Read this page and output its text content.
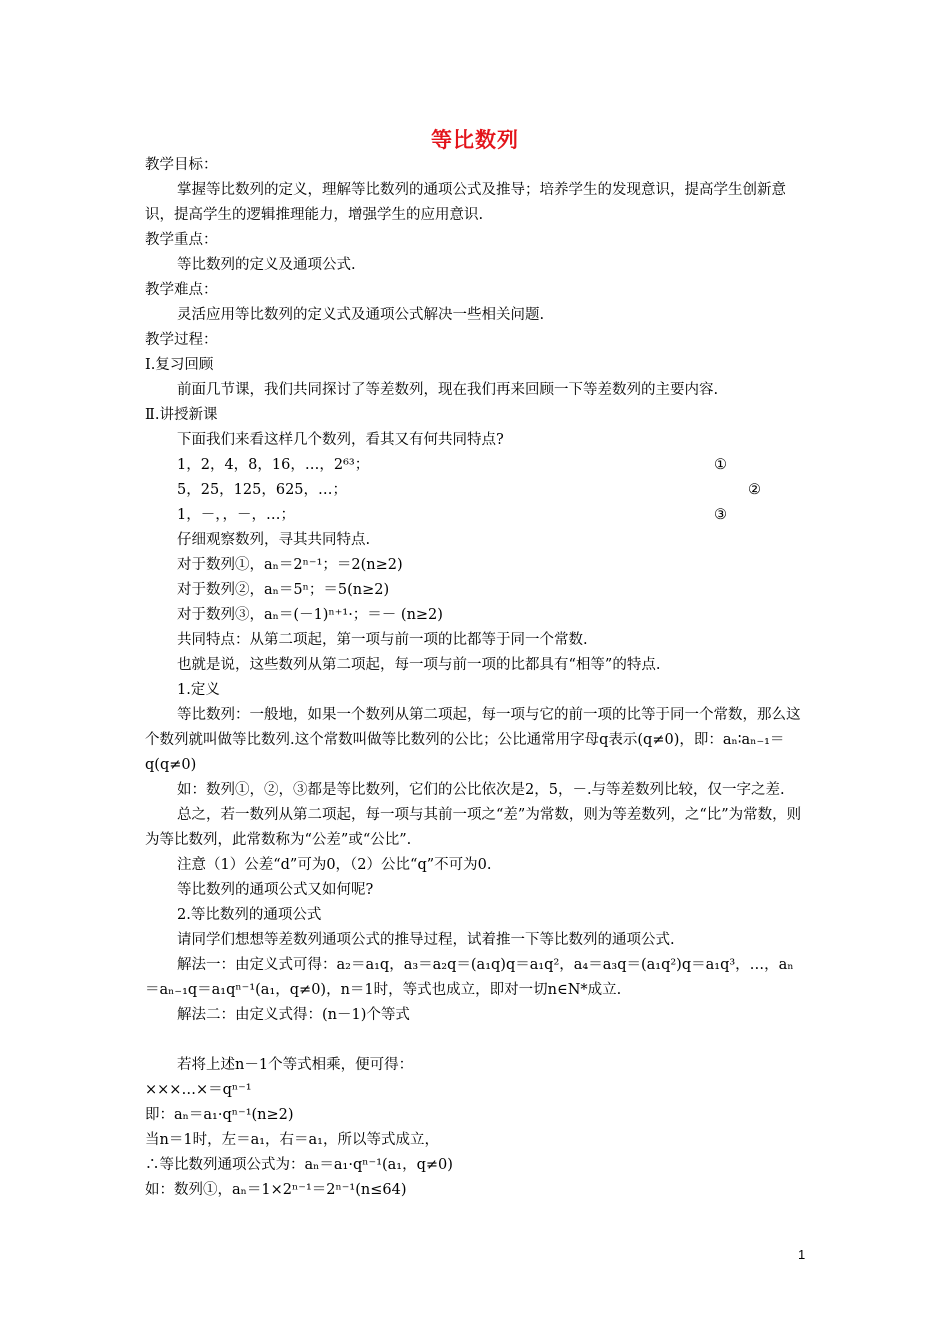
等比数列

教学目标：

掌握等比数列的定义，理解等比数列的通项公式及推导；培养学生的发现意识，提高学生创新意识，提高学生的逻辑推理能力，增强学生的应用意识.

教学重点：

等比数列的定义及通项公式.

教学难点：

灵活应用等比数列的定义式及通项公式解决一些相关问题.

教学过程：

Ⅰ.复习回顾

前面几节课，我们共同探讨了等差数列，现在我们再来回顾一下等差数列的主要内容.

Ⅱ.讲授新课

下面我们来看这样几个数列，看其又有何共同特点?

1，2，4，8，16，…，2⁶³；	①
5，25，125，625，…；	②
1，－，，－，…；	③

仔细观察数列，寻其共同特点.

对于数列①，aₙ＝2ⁿ⁻¹；＝2(n≥2)

对于数列②，aₙ＝5ⁿ；＝5(n≥2)

对于数列③，aₙ＝(－1)ⁿ⁺¹·；＝－ (n≥2)

共同特点：从第二项起，第一项与前一项的比都等于同一个常数.

也就是说，这些数列从第二项起，每一项与前一项的比都具有“相等”的特点.

1.定义

等比数列：一般地，如果一个数列从第二项起，每一项与它的前一项的比等于同一个常数，那么这个数列就叫做等比数列.这个常数叫做等比数列的公比；公比通常用字母q表示(q≠0)，即：aₙ∶aₙ₋₁＝q(q≠0)

如：数列①，②，③都是等比数列，它们的公比依次是2，5，－.与等差数列比较，仅一字之差.

总之，若一数列从第二项起，每一项与其前一项之“差”为常数，则为等差数列，之“比”为常数，则为等比数列，此常数称为“公差”或“公比”.

注意（1）公差“d”可为0，（2）公比“q”不可为0.

等比数列的通项公式又如何呢?

2.等比数列的通项公式

请同学们想想等差数列通项公式的推导过程，试着推一下等比数列的通项公式.

解法一：由定义式可得：a₂＝a₁q，a₃＝a₂q＝(a₁q)q＝a₁q²，a₄＝a₃q＝(a₁q²)q＝a₁q³，…，aₙ＝aₙ₋₁q＝a₁qⁿ⁻¹(a₁，q≠0)，n＝1时，等式也成立，即对一切n∈N*成立.

解法二：由定义式得：(n－1)个等式

若将上述n－1个等式相乘，便可得：

×××…×＝qⁿ⁻¹

即：aₙ＝a₁·qⁿ⁻¹(n≥2)

当n＝1时，左＝a₁，右＝a₁，所以等式成立，

∴等比数列通项公式为：aₙ＝a₁·qⁿ⁻¹(a₁，q≠0)

如：数列①，aₙ＝1×2ⁿ⁻¹＝2ⁿ⁻¹(n≤64)

1
